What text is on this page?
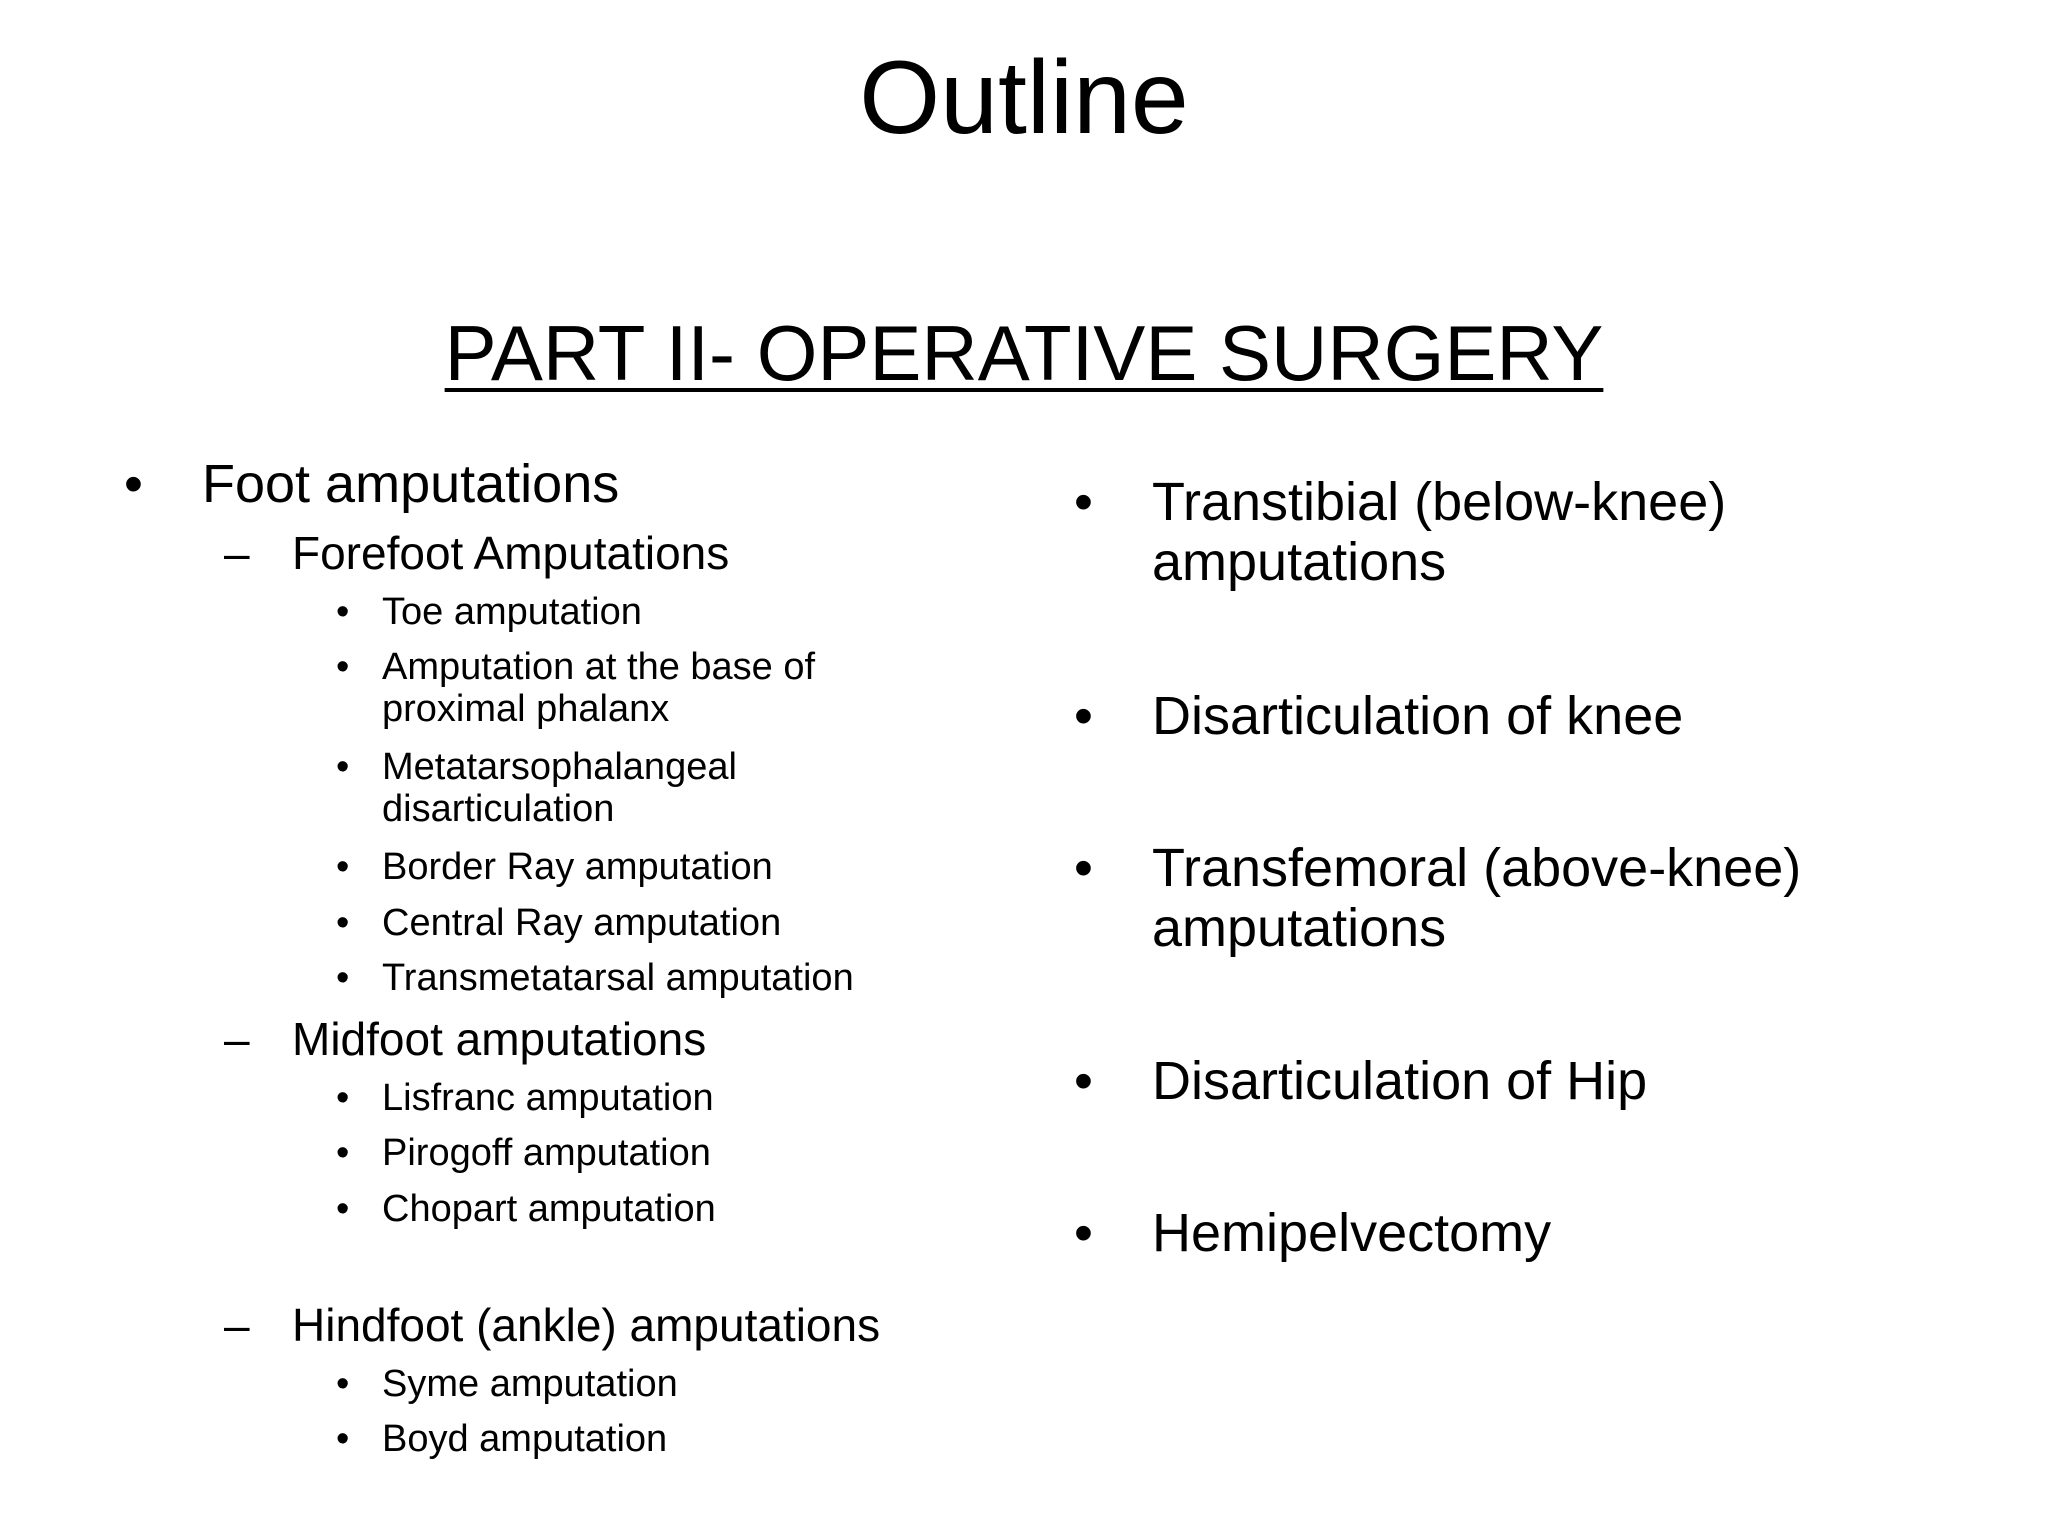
Outline
PART II- OPERATIVE SURGERY
• Foot amputations
– Forefoot Amputations
• Toe amputation
• Amputation at the base of
proximal phalanx
• Metatarsophalangeal
disarticulation
• Border Ray amputation
• Central Ray amputation
• Transmetatarsal amputation
– Midfoot amputations
• Lisfranc amputation
• Pirogoff amputation
• Chopart amputation
– Hindfoot (ankle) amputations
• Syme amputation
• Boyd amputation
• Transtibial (below-knee)
amputations
• Disarticulation of knee
• Transfemoral (above-knee)
amputations
• Disarticulation of Hip
• Hemipelvectomy
